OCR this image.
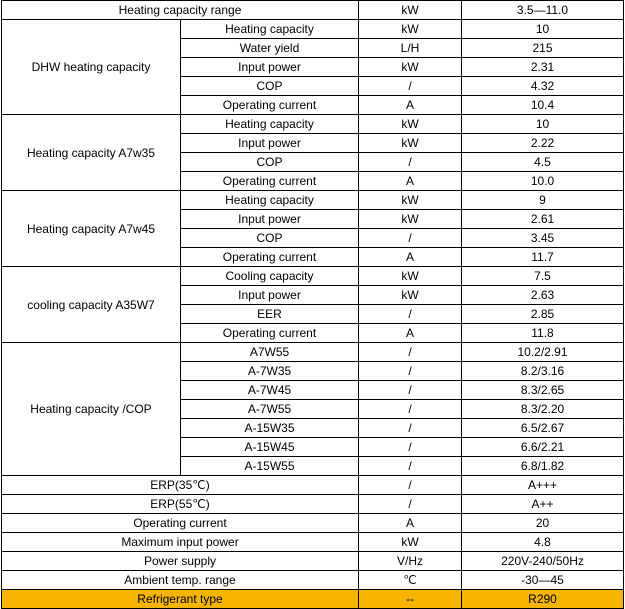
Heating capacity range		kW	3.5—11.0
DHW heating capacity	Heating capacity	kW	10
	Water yield	L/H	215
	Input power	kW	2.31
	COP	/	4.32
	Operating current	A	10.4
Heating capacity A7w35	Heating capacity	kW	10
	Input power	kW	2.22
	COP	/	4.5
	Operating current	A	10.0
Heating capacity A7w45	Heating capacity	kW	9
	Input power	kW	2.61
	COP	/	3.45
	Operating current	A	11.7
cooling capacity A35W7	Cooling capacity	kW	7.5
	Input power	kW	2.63
	EER	/	2.85
	Operating current	A	11.8
Heating capacity /COP	A7W55	/	10.2/2.91
	A-7W35	/	8.2/3.16
	A-7W45	/	8.3/2.65
	A-7W55	/	8.3/2.20
	A-15W35	/	6.5/2.67
	A-15W45	/	6.6/2.21
	A-15W55	/	6.8/1.82
ERP(35℃)		/	A+++
ERP(55℃)		/	A++
Operating current		A	20
Maximum input power		kW	4.8
Power supply		V/Hz	220V-240/50Hz
Ambient temp. range		℃	-30—45
Refrigerant type		--	R290
